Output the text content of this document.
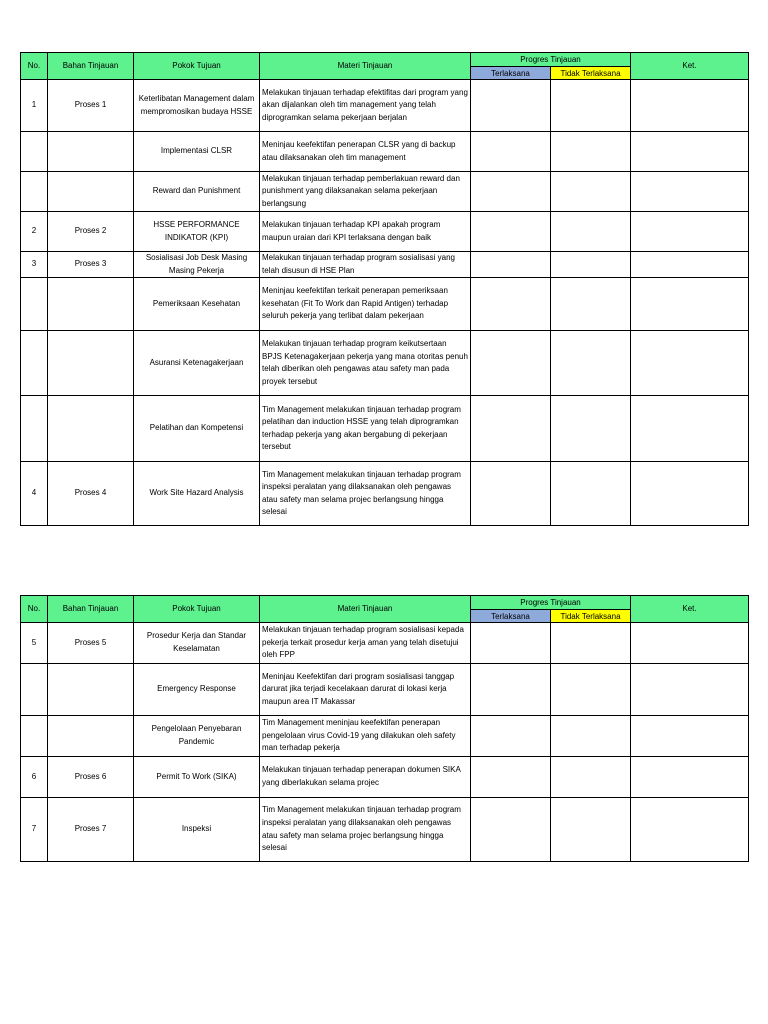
No.	Bahan Tinjauan	Pokok Tujuan	Materi Tinjauan	Progres Tinjauan		Ket.
				Terlaksana	Tidak Terlaksana	
1	Proses 1	Keterlibatan Management dalam mempromosikan budaya HSSE	Melakukan tinjauan terhadap efektifitas dari program yang akan dijalankan oleh tim management yang telah diprogramkan selama pekerjaan berjalan			
		Implementasi CLSR	Meninjau keefektifan penerapan CLSR yang di backup atau dilaksanakan oleh tim management			
		Reward dan Punishment	Melakukan tinjauan terhadap pemberlakuan reward dan punishment yang dilaksanakan selama pekerjaan berlangsung			
2	Proses 2	HSSE PERFORMANCE INDIKATOR (KPI)	Melakukan tinjauan terhadap KPI apakah program maupun uraian dari KPI terlaksana dengan baik			
3	Proses 3	Sosialisasi Job Desk Masing Masing Pekerja	Melakukan tinjauan terhadap program sosialisasi yang telah disusun di HSE Plan			
		Pemeriksaan Kesehatan	Meninjau keefektifan terkait penerapan pemeriksaan kesehatan (Fit To Work dan Rapid Antigen) terhadap seluruh pekerja yang terlibat dalam pekerjaan			
		Asuransi Ketenagakerjaan	Melakukan tinjauan terhadap program keikutsertaan BPJS Ketenagakerjaan pekerja yang mana otoritas penuh telah diberikan oleh pengawas atau safety man pada proyek tersebut			
		Pelatihan dan Kompetensi	Tim Management melakukan tinjauan terhadap program pelatihan dan induction HSSE yang telah diprogramkan terhadap pekerja yang akan bergabung di pekerjaan tersebut			
4	Proses 4	Work Site Hazard Analysis	Tim Management melakukan tinjauan terhadap program inspeksi peralatan yang dilaksanakan oleh pengawas atau safety man selama projec berlangsung hingga selesai			
No.	Bahan Tinjauan	Pokok Tujuan	Materi Tinjauan	Progres Tinjauan		Ket.
				Terlaksana	Tidak Terlaksana	
5	Proses 5	Prosedur Kerja dan Standar Keselamatan	Melakukan tinjauan terhadap program sosialisasi kepada pekerja terkait prosedur kerja aman yang telah disetujui oleh FPP			
		Emergency Response	Meninjau Keefektifan dari program sosialisasi tanggap darurat jika terjadi kecelakaan darurat di lokasi kerja maupun area IT Makassar			
		Pengelolaan Penyebaran Pandemic	Tim Management meninjau keefektifan penerapan pengelolaan virus Covid-19 yang dilakukan oleh safety man terhadap pekerja			
6	Proses 6	Permit To Work (SIKA)	Melakukan tinjauan terhadap penerapan dokumen SIKA yang diberlakukan selama projec			
7	Proses 7	Inspeksi	Tim Management melakukan tinjauan terhadap program inspeksi peralatan yang dilaksanakan oleh pengawas atau safety man selama projec berlangsung hingga selesai			
